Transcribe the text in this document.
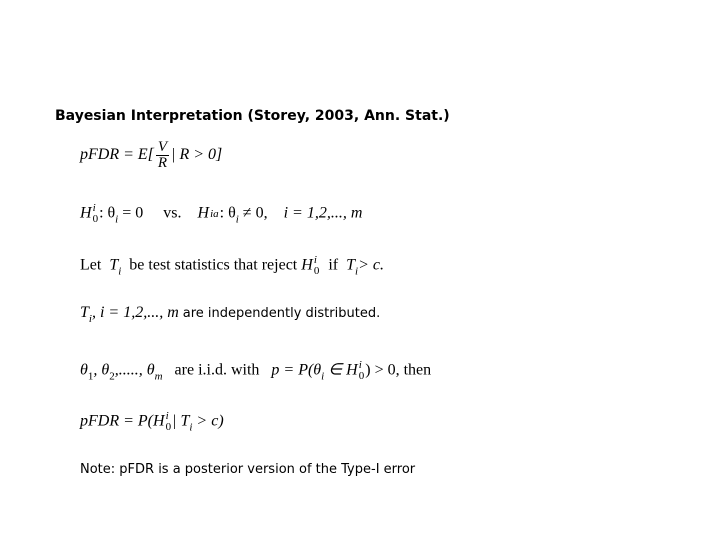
Bayesian Interpretation (Storey, 2003, Ann. Stat.)
pFDR = $E[ \frac{V}{R}$ | R > 0]
Hi
0 : $\theta_i = 0$ vs. Hia: $\theta_i \ne 0$, i = 1,2,..., m
Let $T_i$ be test statistics that reject Hi
0 if $T_i> c$.
$T_i$, i = 1,2,..., m are independently distributed.
$\theta_1$, $\theta_2$,....., $\theta_m$ are i.i.d. with $p = P(\theta_i$ ∈ Hi
0 ) > 0, then
pFDR = P(Hi
0 | $T_i > c$)
Note: pFDR is a posterior version of the Type-I error
